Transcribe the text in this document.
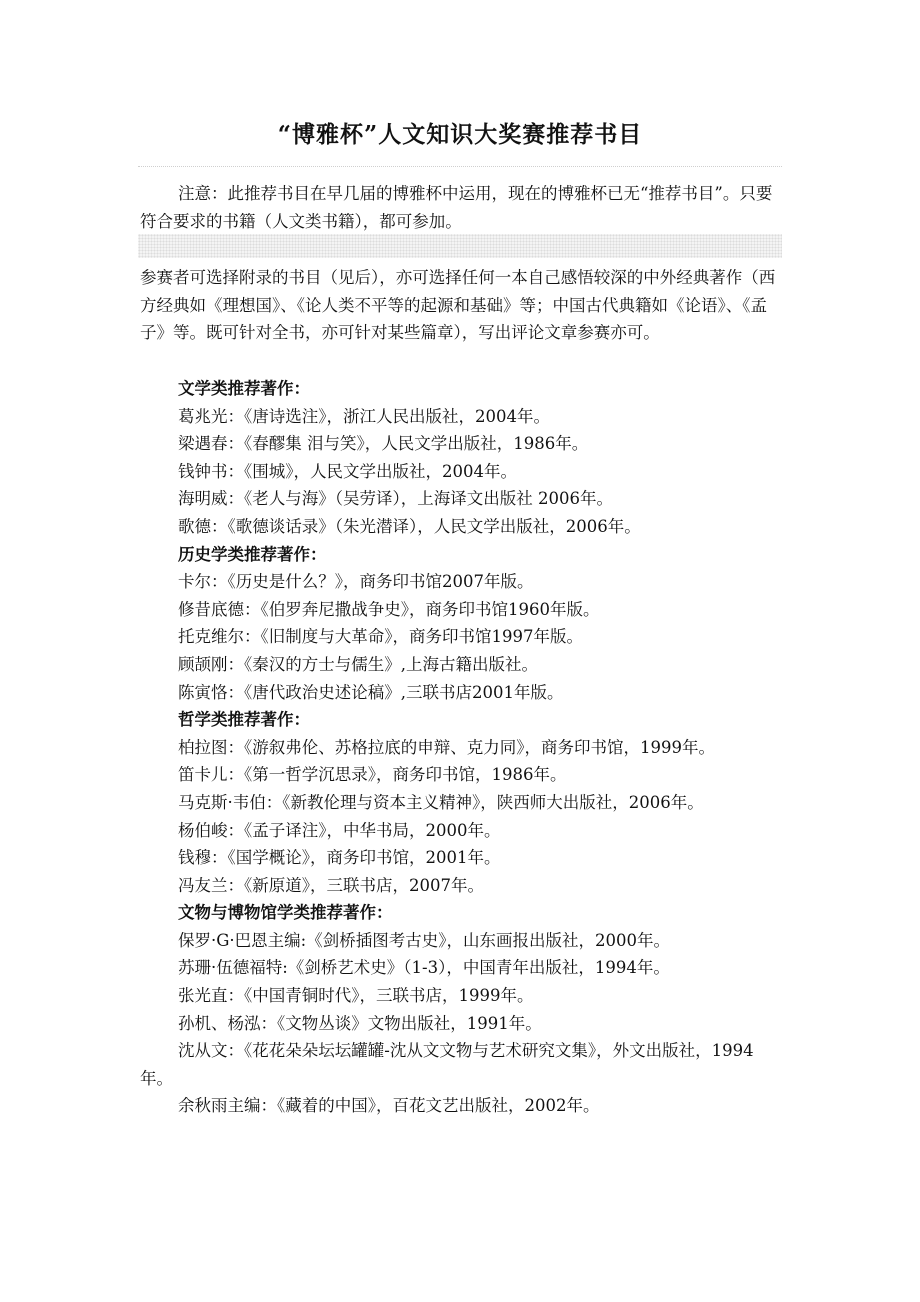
“博雅杯”人文知识大奖赛推荐书目

注意：此推荐书目在早几届的博雅杯中运用，现在的博雅杯已无“推荐书目”。只要符合要求的书籍（人文类书籍），都可参加。

参赛者可选择附录的书目（见后），亦可选择任何一本自己感悟较深的中外经典著作（西方经典如《理想国》、《论人类不平等的起源和基础》等；中国古代典籍如《论语》、《孟子》等。既可针对全书，亦可针对某些篇章），写出评论文章参赛亦可。

文学类推荐著作：

葛兆光：《唐诗选注》，浙江人民出版社，2004年。

梁遇春：《春醪集 泪与笑》，人民文学出版社，1986年。

钱钟书：《围城》，人民文学出版社，2004年。

海明威：《老人与海》（吴劳译），上海译文出版社 2006年。

歌德：《歌德谈话录》（朱光潜译），人民文学出版社，2006年。

历史学类推荐著作：

卡尔：《历史是什么？》，商务印书馆2007年版。

修昔底德：《伯罗奔尼撒战争史》，商务印书馆1960年版。

托克维尔：《旧制度与大革命》，商务印书馆1997年版。

顾颉刚：《秦汉的方士与儒生》,上海古籍出版社。

陈寅恪：《唐代政治史述论稿》,三联书店2001年版。

哲学类推荐著作：

柏拉图：《游叙弗伦、苏格拉底的申辩、克力同》，商务印书馆，1999年。

笛卡儿：《第一哲学沉思录》，商务印书馆，1986年。

马克斯·韦伯：《新教伦理与资本主义精神》，陕西师大出版社，2006年。

杨伯峻：《孟子译注》，中华书局，2000年。

钱穆：《国学概论》，商务印书馆，2001年。

冯友兰：《新原道》，三联书店，2007年。

文物与博物馆学类推荐著作：

保罗·G·巴恩主编:《剑桥插图考古史》，山东画报出版社，2000年。

苏珊·伍德福特:《剑桥艺术史》（1-3），中国青年出版社，1994年。

张光直：《中国青铜时代》，三联书店，1999年。

孙机、杨泓：《文物丛谈》文物出版社，1991年。

沈从文：《花花朵朵坛坛罐罐-沈从文文物与艺术研究文集》，外文出版社，1994年。

余秋雨主编：《藏着的中国》，百花文艺出版社，2002年。
